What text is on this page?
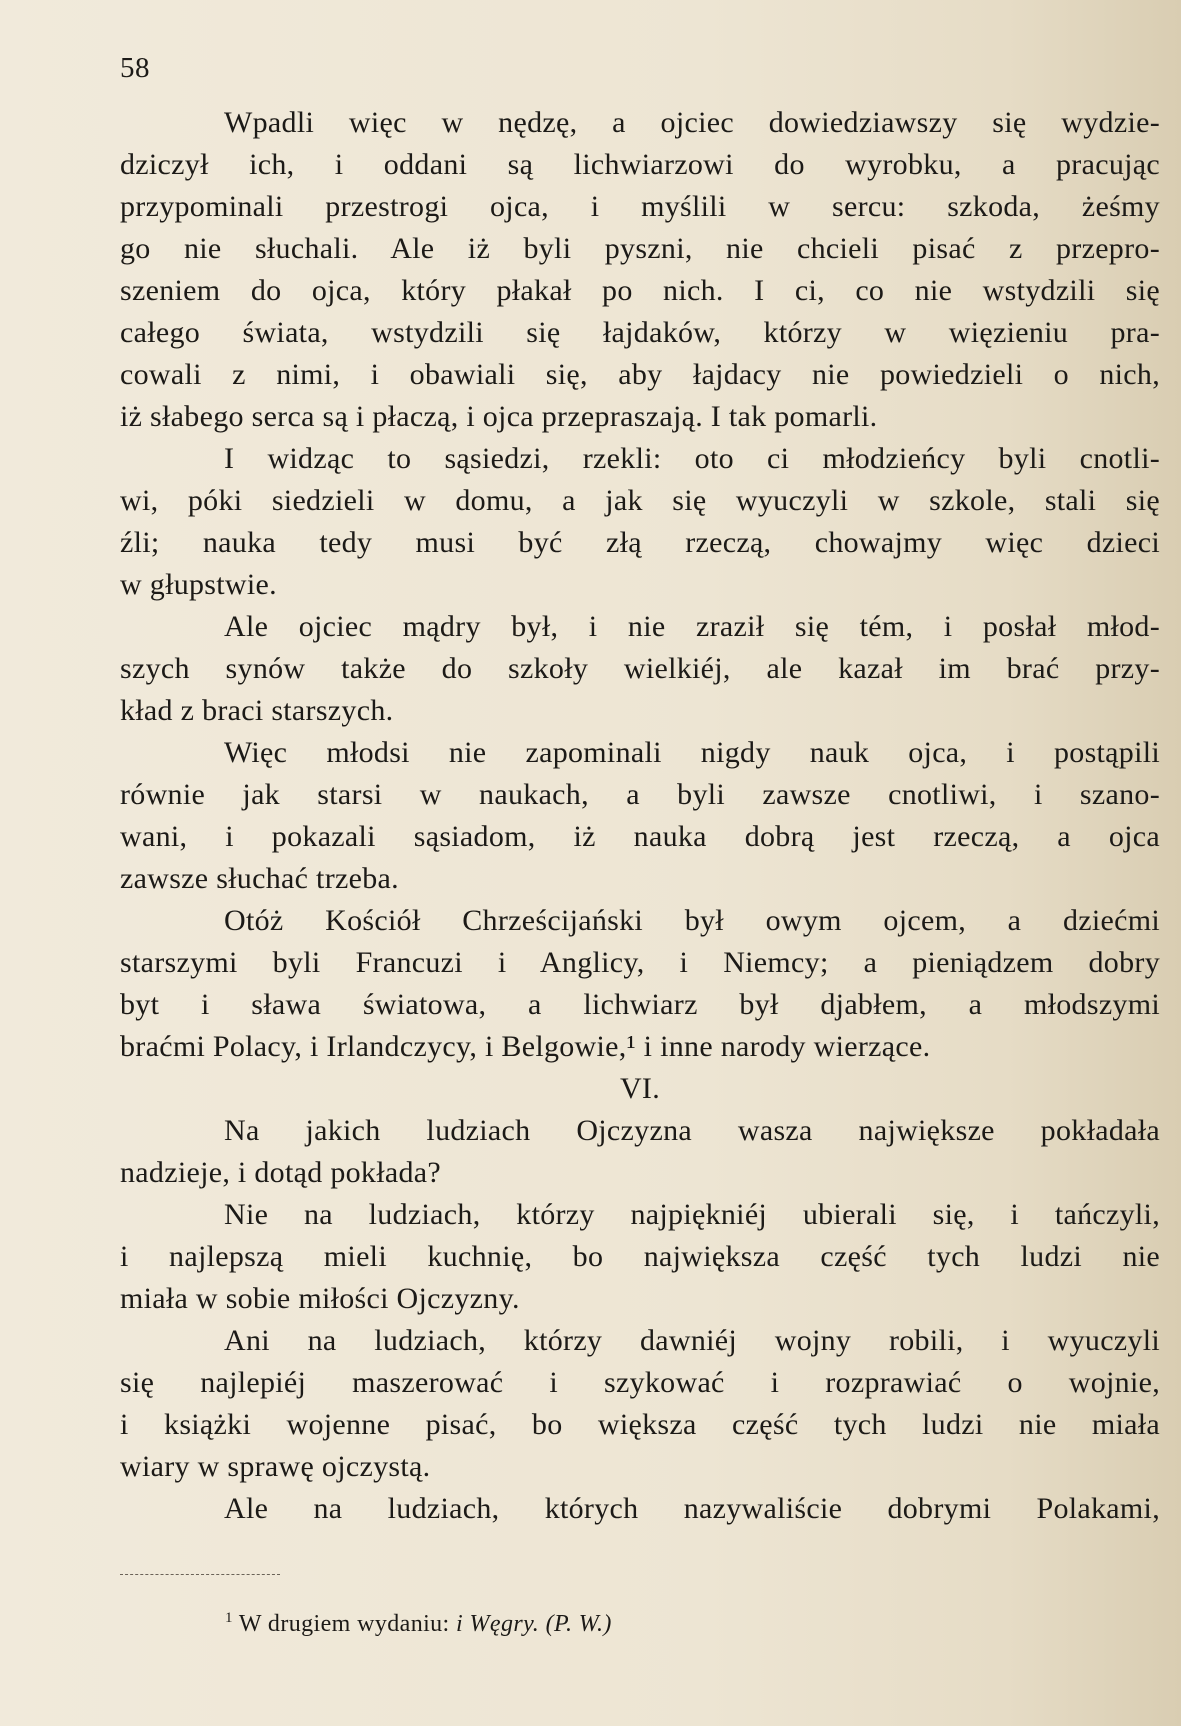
58
Wpadli więc w nędzę, a ojciec dowiedziawszy się wydzie-
dziczył ich, i oddani są lichwiarzowi do wyrobku, a pracując
przypominali przestrogi ojca, i myślili w sercu: szkoda, żeśmy
go nie słuchali. Ale iż byli pyszni, nie chcieli pisać z przepro-
szeniem do ojca, który płakał po nich. I ci, co nie wstydzili się
całego świata, wstydzili się łajdaków, którzy w więzieniu pra-
cowali z nimi, i obawiali się, aby łajdacy nie powiedzieli o nich,
iż słabego serca są i płaczą, i ojca przepraszają. I tak pomarli.
I widząc to sąsiedzi, rzekli: oto ci młodzieńcy byli cnotli-
wi, póki siedzieli w domu, a jak się wyuczyli w szkole, stali się
źli; nauka tedy musi być złą rzeczą, chowajmy więc dzieci
w głupstwie.
Ale ojciec mądry był, i nie zraził się tém, i posłał młod-
szych synów także do szkoły wielkiéj, ale kazał im brać przy-
kład z braci starszych.
Więc młodsi nie zapominali nigdy nauk ojca, i postąpili
równie jak starsi w naukach, a byli zawsze cnotliwi, i szano-
wani, i pokazali sąsiadom, iż nauka dobrą jest rzeczą, a ojca
zawsze słuchać trzeba.
Otóż Kościół Chrześcijański był owym ojcem, a dziećmi
starszymi byli Francuzi i Anglicy, i Niemcy; a pieniądzem dobry
byt i sława światowa, a lichwiarz był djabłem, a młodszymi
braćmi Polacy, i Irlandczycy, i Belgowie,¹ i inne narody wierzące.
VI.
Na jakich ludziach Ojczyzna wasza największe pokładała
nadzieje, i dotąd pokłada?
Nie na ludziach, którzy najpiękniéj ubierali się, i tańczyli,
i najlepszą mieli kuchnię, bo największa część tych ludzi nie
miała w sobie miłości Ojczyzny.
Ani na ludziach, którzy dawniéj wojny robili, i wyuczyli
się najlepiéj maszerować i szykować i rozprawiać o wojnie,
i książki wojenne pisać, bo większa część tych ludzi nie miała
wiary w sprawę ojczystą.
Ale na ludziach, których nazywaliście dobrymi Polakami,
$^1$ W drugiem wydaniu: i Węgry. (P. W.)
